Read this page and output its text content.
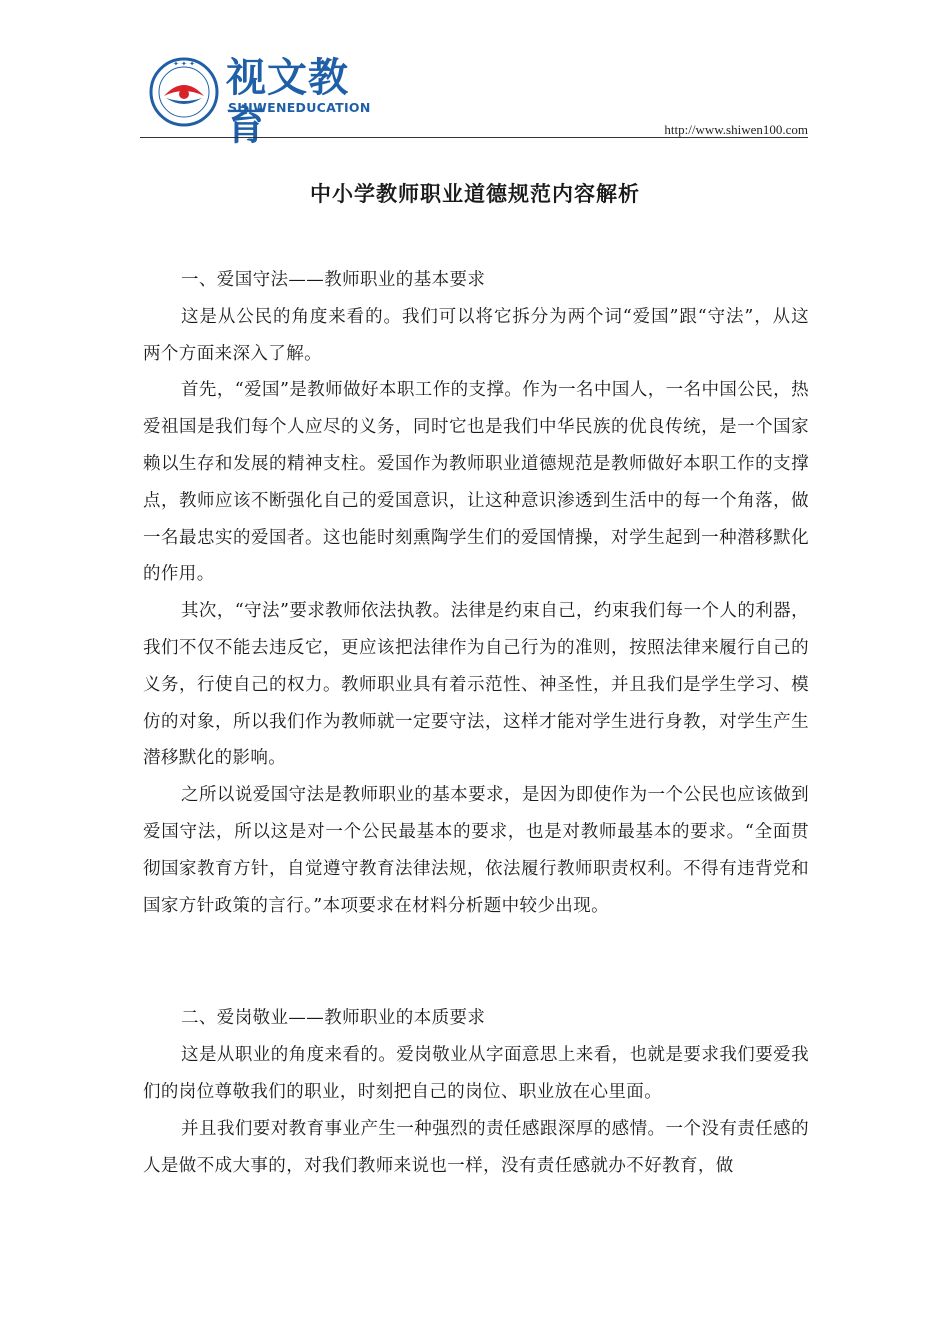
✦ ✦ ✦ 视文教育
SHIWENEDUCATION
http://www.shiwen100.com
中小学教师职业道德规范内容解析

一、爱国守法——教师职业的基本要求

这是从公民的角度来看的。我们可以将它拆分为两个词“爱国”跟“守法”，从这两个方面来深入了解。

首先，“爱国”是教师做好本职工作的支撑。作为一名中国人，一名中国公民，热爱祖国是我们每个人应尽的义务，同时它也是我们中华民族的优良传统，是一个国家赖以生存和发展的精神支柱。爱国作为教师职业道德规范是教师做好本职工作的支撑点，教师应该不断强化自己的爱国意识，让这种意识渗透到生活中的每一个角落，做一名最忠实的爱国者。这也能时刻熏陶学生们的爱国情操，对学生起到一种潜移默化的作用。

其次，“守法”要求教师依法执教。法律是约束自己，约束我们每一个人的利器，我们不仅不能去违反它，更应该把法律作为自己行为的准则，按照法律来履行自己的义务，行使自己的权力。教师职业具有着示范性、神圣性，并且我们是学生学习、模仿的对象，所以我们作为教师就一定要守法，这样才能对学生进行身教，对学生产生潜移默化的影响。

之所以说爱国守法是教师职业的基本要求，是因为即使作为一个公民也应该做到爱国守法，所以这是对一个公民最基本的要求，也是对教师最基本的要求。“全面贯彻国家教育方针，自觉遵守教育法律法规，依法履行教师职责权利。不得有违背党和国家方针政策的言行。”本项要求在材料分析题中较少出现。

二、爱岗敬业——教师职业的本质要求

这是从职业的角度来看的。爱岗敬业从字面意思上来看，也就是要求我们要爱我们的岗位尊敬我们的职业，时刻把自己的岗位、职业放在心里面。

并且我们要对教育事业产生一种强烈的责任感跟深厚的感情。一个没有责任感的人是做不成大事的，对我们教师来说也一样，没有责任感就办不好教育，做
